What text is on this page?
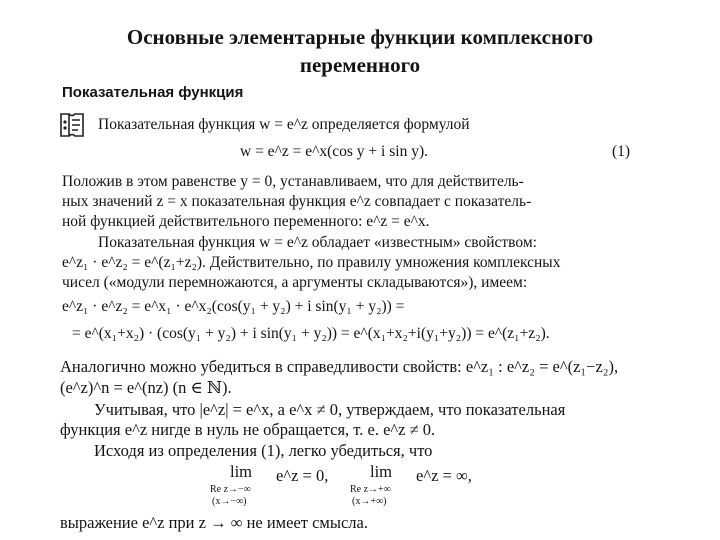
Основные элементарные функции комплексного
переменного
Показательная функция
Показательная функция w = e^z определяется формулой
w = e^z = e^x(cos y + i sin y).	(1)
Положив в этом равенстве y = 0, устанавливаем, что для действитель-
ных значений z = x показательная функция e^z совпадает с показатель-
ной функцией действительного переменного: e^z = e^x.
Показательная функция w = e^z обладает «известным» свойством:
e^z₁ · e^z₂ = e^(z₁+z₂). Действительно, по правилу умножения комплексных
чисел («модули перемножаются, а аргументы складываются»), имеем:
e^z₁ · e^z₂ = e^x₁ · e^x₂(cos(y₁ + y₂) + i sin(y₁ + y₂)) =
= e^(x₁+x₂) · (cos(y₁ + y₂) + i sin(y₁ + y₂)) = e^(x₁+x₂+i(y₁+y₂)) = e^(z₁+z₂).
Аналогично можно убедиться в справедливости свойств: e^z₁ : e^z₂ = e^(z₁−z₂),
(e^z)^n = e^(nz) (n ∈ ℕ).
Учитывая, что |e^z| = e^x, а e^x ≠ 0, утверждаем, что показательная
функция e^z нигде в нуль не обращается, т. е. e^z ≠ 0.
Исходя из определения (1), легко убедиться, что
lim e^z = 0,
Re z→−∞
(x→−∞)
lim e^z = ∞,
Re z→+∞
(x→+∞)
выражение e^z при z → ∞ не имеет смысла.
